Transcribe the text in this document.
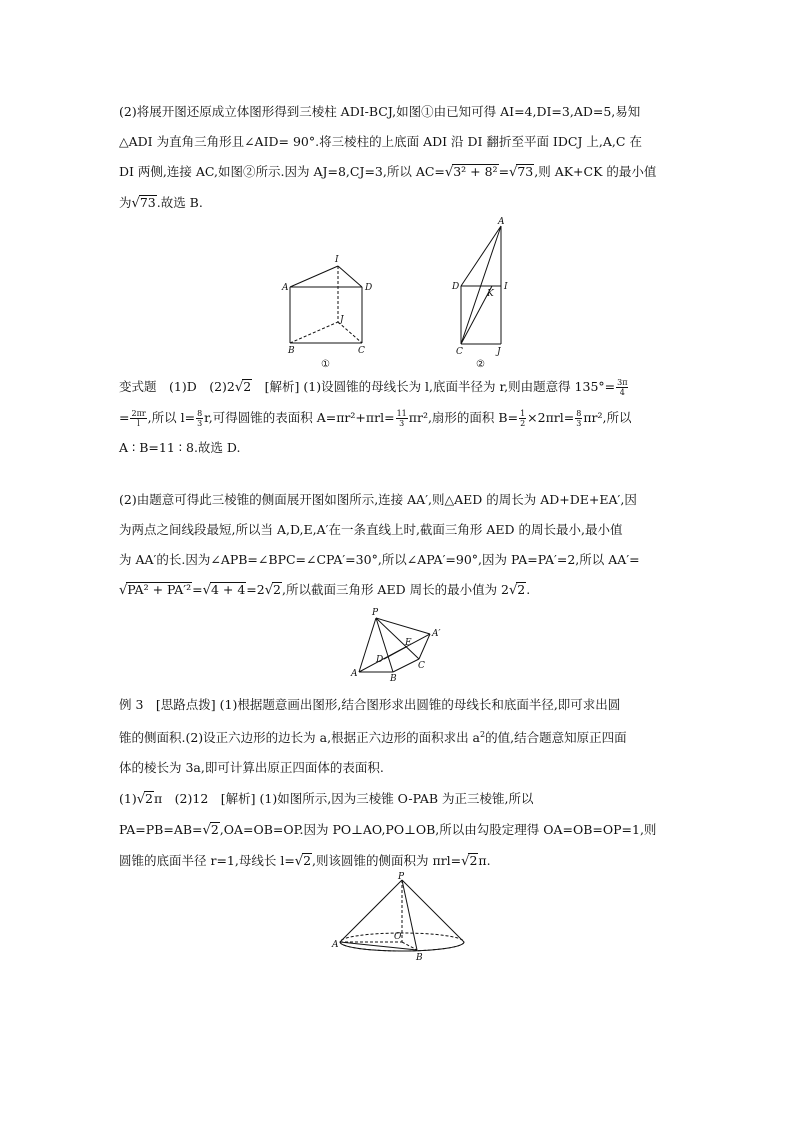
(2)将展开图还原成立体图形得到三棱柱 ADI-BCJ,如图①由已知可得 AI=4,DI=3,AD=5,易知

△ADI 为直角三角形且∠AID= 90°.将三棱柱的上底面 ADI 沿 DI 翻折至平面 IDCJ 上,A,C 在

DI 两侧,连接 AC,如图②所示.因为 AJ=8,CJ=3,所以 AC=√3² + 8²=√73,则 AK+CK 的最小值

为√73.故选 B.

A
I
D
J
B	C
①
A
D
K
I
C	J
②

变式题　(1)D　(2)2√2　[解析] (1)设圆锥的母线长为 l,底面半径为 r,则由题意得 $135^\circ= \frac{3\pi}{4}$

= $\frac{2\pi r}{l}$ ,所以 $l= \frac{8}{3} r$,可得圆锥的表面积 $A=\pi r^2+\pi rl= \frac{11}{3} \pi r^2$,扇形的面积 $B= \frac{1}{2} \times 2\pi rl= \frac{8}{3} \pi r^2$,所以

A ∶ B=11 ∶ 8.故选 D.

(2)由题意可得此三棱锥的侧面展开图如图所示,连接 AA′,则△AED 的周长为 AD+DE+EA′,因

为两点之间线段最短,所以当 A,D,E,A′在一条直线上时,截面三角形 AED 的周长最小,最小值

为 AA′的长.因为∠APB=∠BPC=∠CPA′=30°,所以∠APA′=90°,因为 PA=PA′=2,所以 AA′=

√PA² + PA′²=√4 + 4=2√2,所以截面三角形 AED 周长的最小值为 2√2.

P
A′
E
D
C
A	B

例 3　[思路点拨] (1)根据题意画出图形,结合图形求出圆锥的母线长和底面半径,即可求出圆

锥的侧面积.(2)设正六边形的边长为 a,根据正六边形的面积求出 $a^2$的值,结合题意知原正四面

体的棱长为 3a,即可计算出原正四面体的表面积.

(1)√2π　(2)12　[解析] (1)如图所示,因为三棱锥 O-PAB 为正三棱锥,所以

PA=PB=AB=√2,OA=OB=OP.因为 PO⊥AO,PO⊥OB,所以由勾股定理得 OA=OB=OP=1,则

圆锥的底面半径 r=1,母线长 l=√2,则该圆锥的侧面积为 πrl=√2π.

P
A
O
B
